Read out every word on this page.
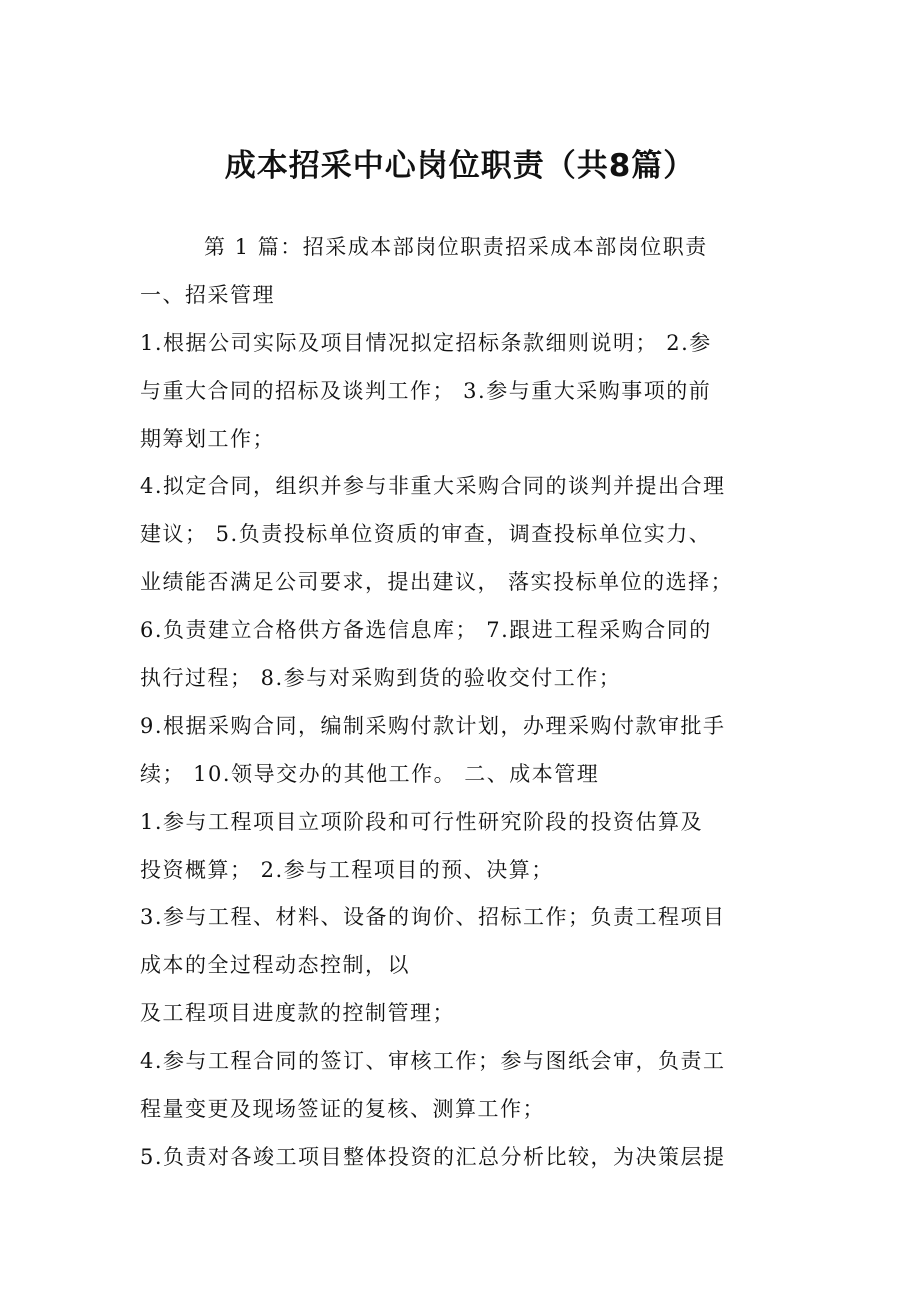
成本招采中心岗位职责（共8篇）
第 1 篇：招采成本部岗位职责招采成本部岗位职责
一、招采管理
1.根据公司实际及项目情况拟定招标条款细则说明； 2.参
与重大合同的招标及谈判工作； 3.参与重大采购事项的前
期筹划工作；
4.拟定合同，组织并参与非重大采购合同的谈判并提出合理
建议； 5.负责投标单位资质的审查，调查投标单位实力、
业绩能否满足公司要求，提出建议， 落实投标单位的选择；
6.负责建立合格供方备选信息库； 7.跟进工程采购合同的
执行过程； 8.参与对采购到货的验收交付工作；
9.根据采购合同，编制采购付款计划，办理采购付款审批手
续； 10.领导交办的其他工作。 二、成本管理
1.参与工程项目立项阶段和可行性研究阶段的投资估算及
投资概算； 2.参与工程项目的预、决算；
3.参与工程、材料、设备的询价、招标工作；负责工程项目
成本的全过程动态控制，以
及工程项目进度款的控制管理；
4.参与工程合同的签订、审核工作；参与图纸会审，负责工
程量变更及现场签证的复核、测算工作；
5.负责对各竣工项目整体投资的汇总分析比较，为决策层提
